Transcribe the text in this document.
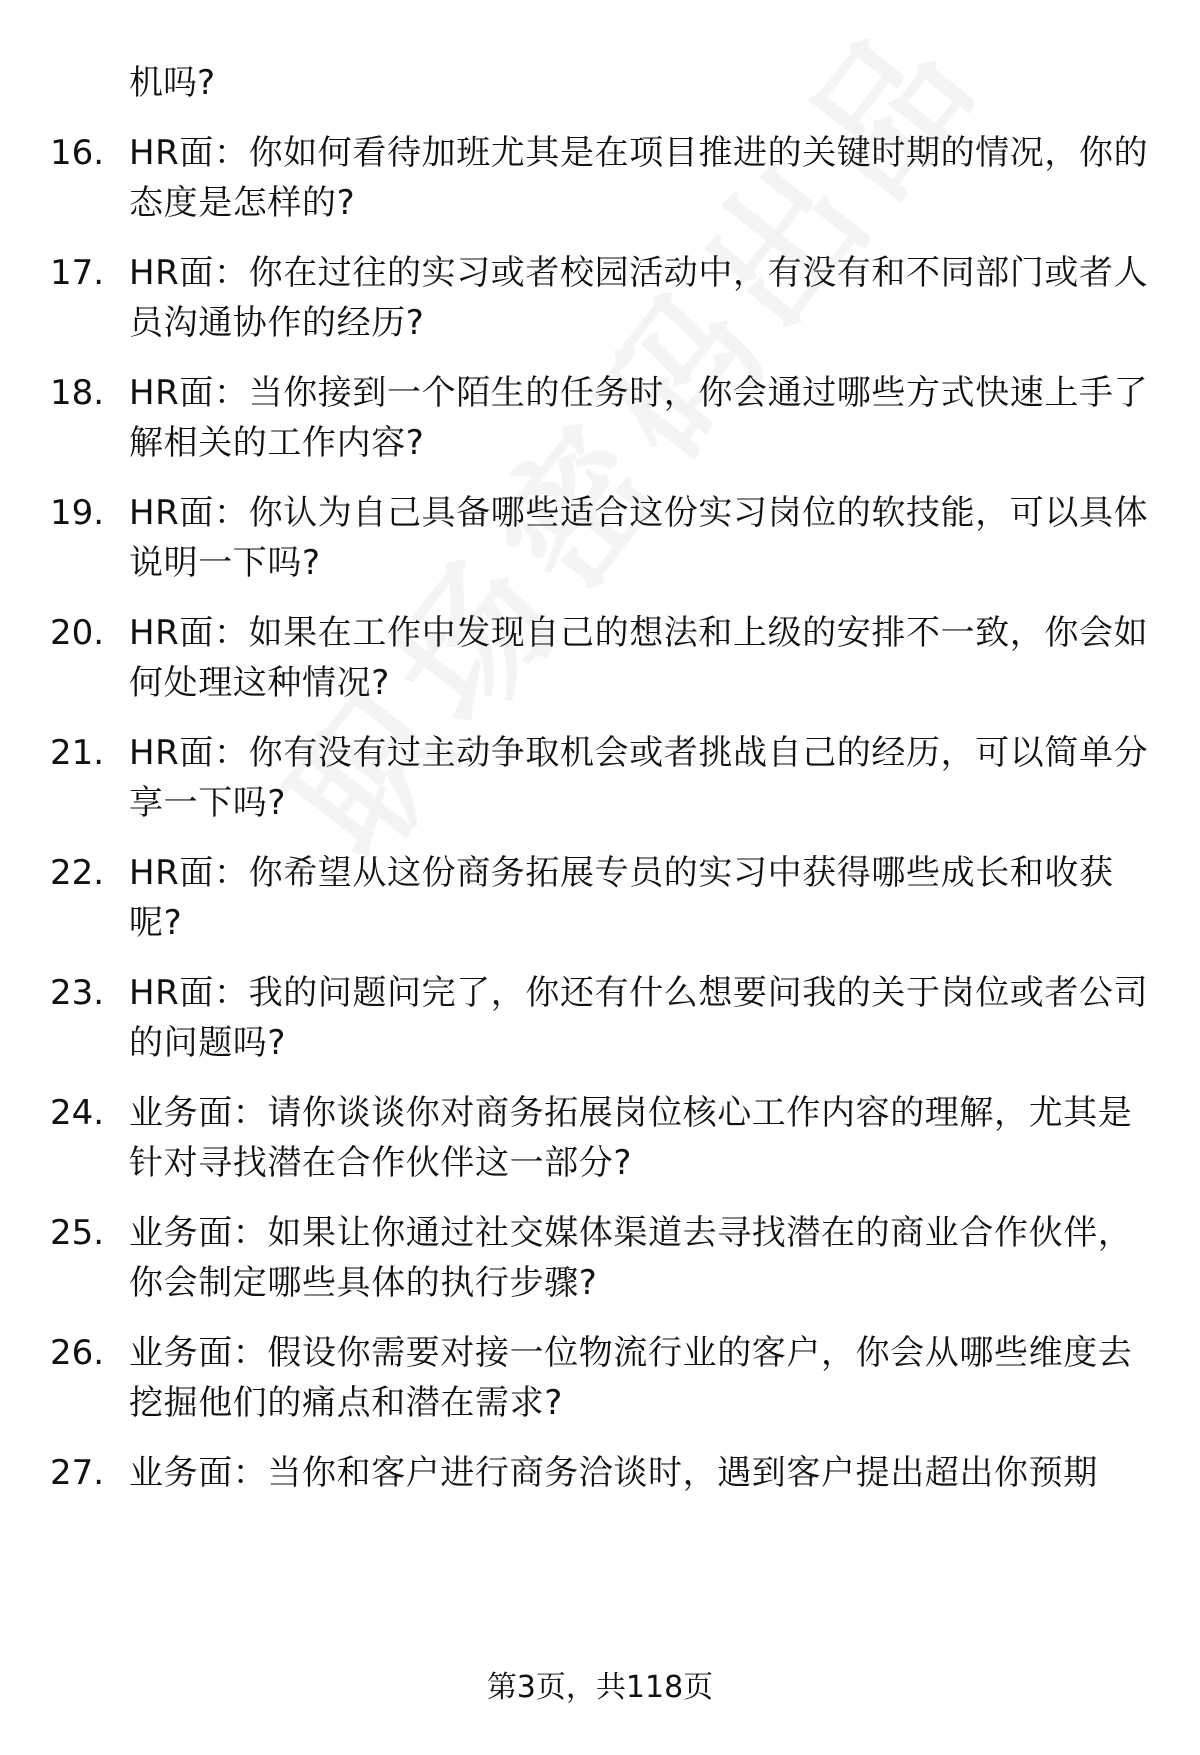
机吗?

16. HR面：你如何看待加班尤其是在项目推进的关键时期的情况，你的态度是怎样的?

17. HR面：你在过往的实习或者校园活动中，有没有和不同部门或者人员沟通协作的经历?

18. HR面：当你接到一个陌生的任务时，你会通过哪些方式快速上手了解相关的工作内容?

19. HR面：你认为自己具备哪些适合这份实习岗位的软技能，可以具体说明一下吗?

20. HR面：如果在工作中发现自己的想法和上级的安排不一致，你会如何处理这种情况?

21. HR面：你有没有过主动争取机会或者挑战自己的经历，可以简单分享一下吗?

22. HR面：你希望从这份商务拓展专员的实习中获得哪些成长和收获呢?

23. HR面：我的问题问完了，你还有什么想要问我的关于岗位或者公司的问题吗?

24. 业务面：请你谈谈你对商务拓展岗位核心工作内容的理解，尤其是针对寻找潜在合作伙伴这一部分?

25. 业务面：如果让你通过社交媒体渠道去寻找潜在的商业合作伙伴，你会制定哪些具体的执行步骤?

26. 业务面：假设你需要对接一位物流行业的客户，你会从哪些维度去挖掘他们的痛点和潜在需求?

27. 业务面：当你和客户进行商务洽谈时，遇到客户提出超出你预期

第3页，共118页
